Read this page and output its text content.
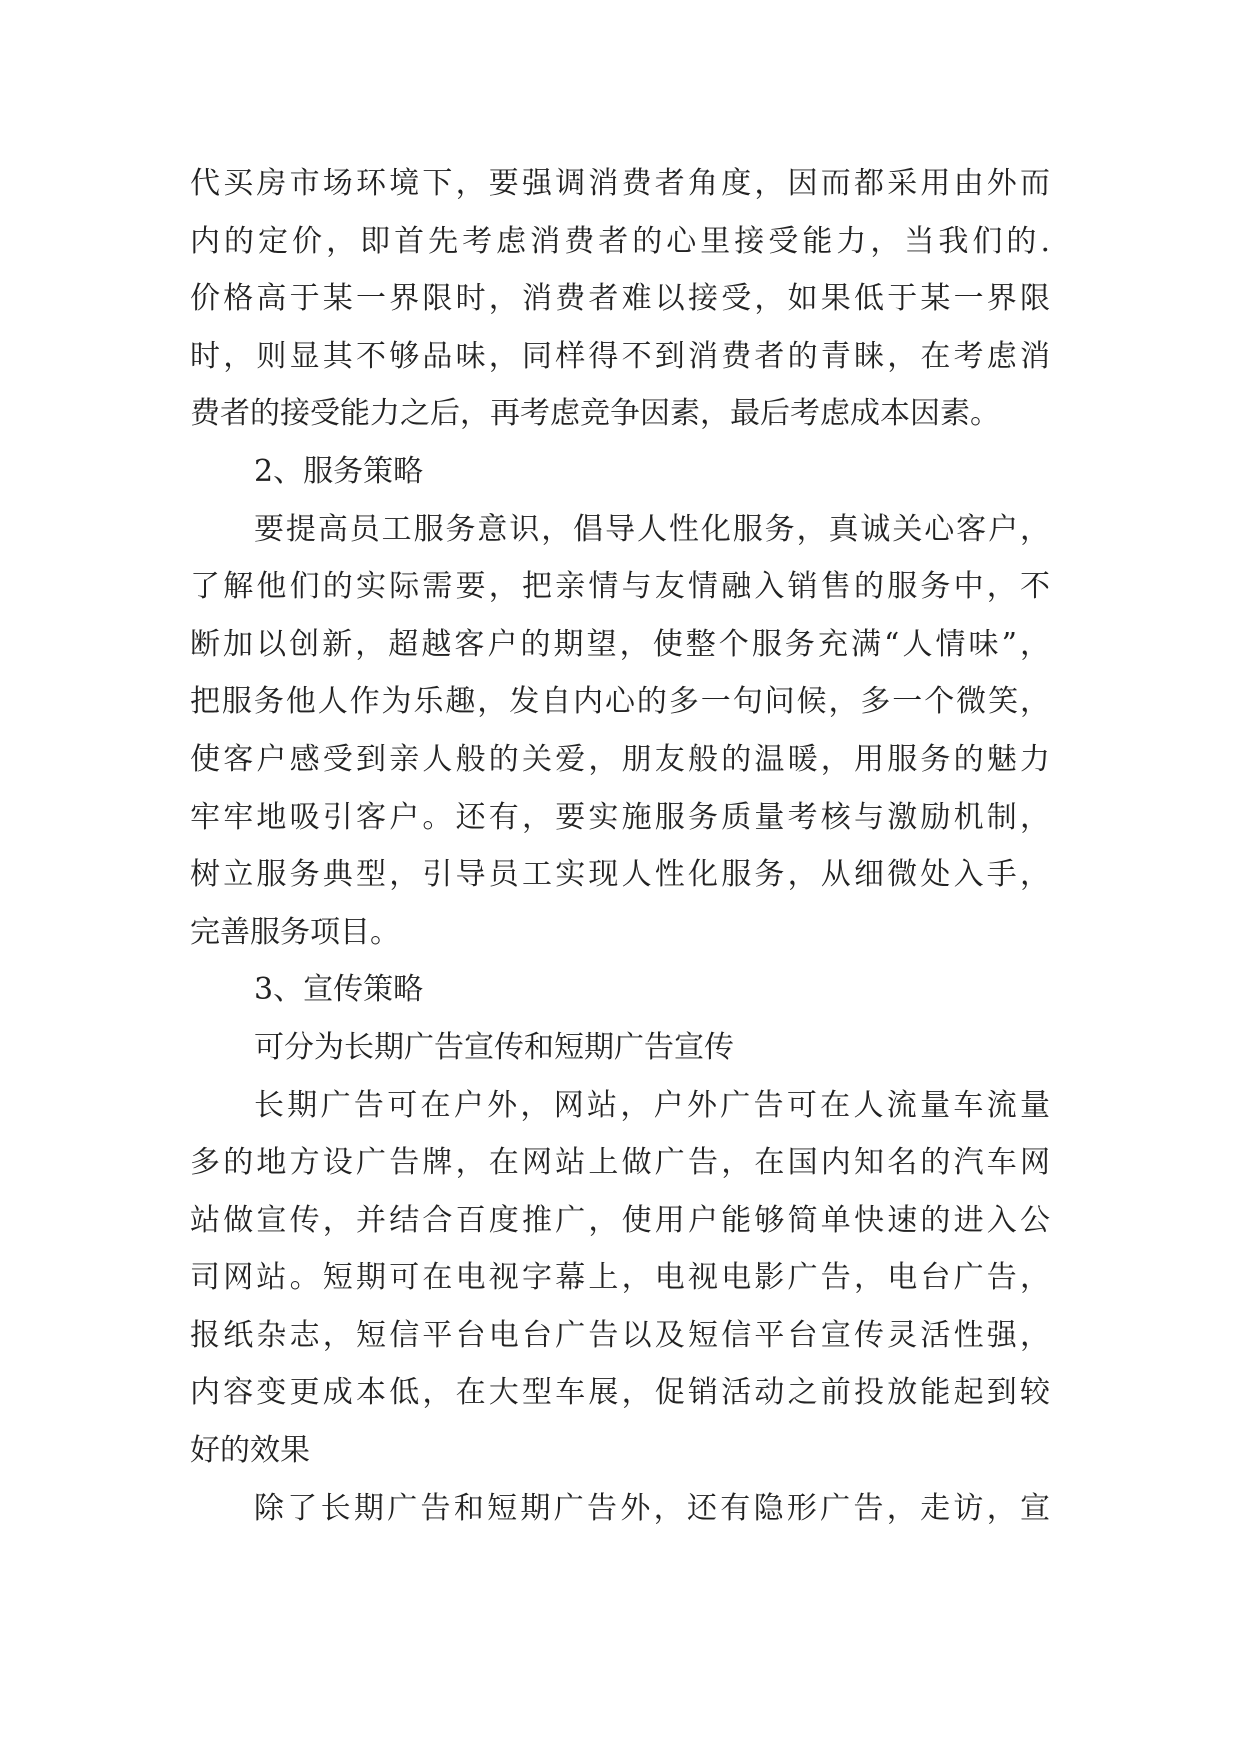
代买房市场环境下，要强调消费者角度，因而都采用由外而
内的定价，即首先考虑消费者的心里接受能力，当我们的.
价格高于某一界限时，消费者难以接受，如果低于某一界限
时，则显其不够品味，同样得不到消费者的青睐，在考虑消
费者的接受能力之后，再考虑竞争因素，最后考虑成本因素。
2、服务策略
要提高员工服务意识，倡导人性化服务，真诚关心客户，
了解他们的实际需要，把亲情与友情融入销售的服务中，不
断加以创新，超越客户的期望，使整个服务充满“人情味”，
把服务他人作为乐趣，发自内心的多一句问候，多一个微笑，
使客户感受到亲人般的关爱，朋友般的温暖，用服务的魅力
牢牢地吸引客户。还有，要实施服务质量考核与激励机制，
树立服务典型，引导员工实现人性化服务，从细微处入手，
完善服务项目。
3、宣传策略
可分为长期广告宣传和短期广告宣传
长期广告可在户外，网站，户外广告可在人流量车流量
多的地方设广告牌，在网站上做广告，在国内知名的汽车网
站做宣传，并结合百度推广，使用户能够简单快速的进入公
司网站。短期可在电视字幕上，电视电影广告，电台广告，
报纸杂志，短信平台电台广告以及短信平台宣传灵活性强，
内容变更成本低，在大型车展，促销活动之前投放能起到较
好的效果
除了长期广告和短期广告外，还有隐形广告，走访，宣
